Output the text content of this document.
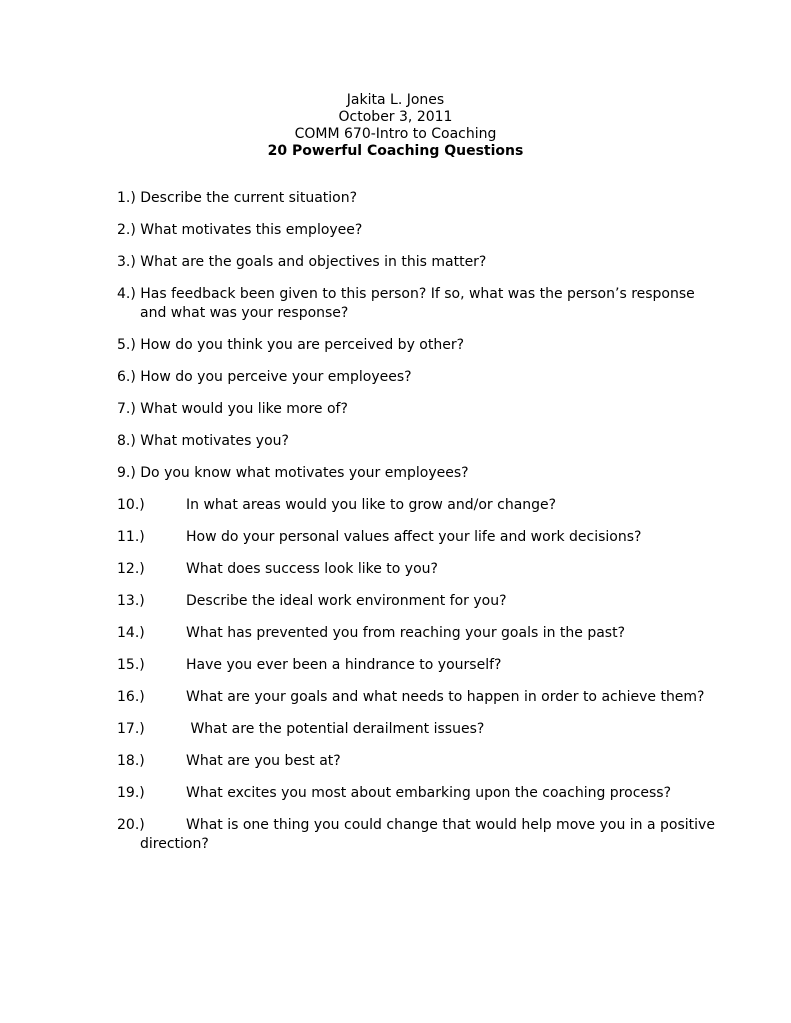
Jakita L. Jones
October 3, 2011
COMM 670-Intro to Coaching
20 Powerful Coaching Questions
1.) Describe the current situation?
2.) What motivates this employee?
3.) What are the goals and objectives in this matter?
4.) Has feedback been given to this person? If so, what was the person’s response and what was your response?
5.) How do you think you are perceived by other?
6.) How do you perceive your employees?
7.) What would you like more of?
8.) What motivates you?
9.) Do you know what motivates your employees?
10.)	In what areas would you like to grow and/or change?
11.)	How do your personal values affect your life and work decisions?
12.)	What does success look like to you?
13.)	Describe the ideal work environment for you?
14.)	What has prevented you from reaching your goals in the past?
15.)	Have you ever been a hindrance to yourself?
16.)	What are your goals and what needs to happen in order to achieve them?
17.)	What are the potential derailment issues?
18.)	What are you best at?
19.)	What excites you most about embarking upon the coaching process?
20.)	What is one thing you could change that would help move you in a positive direction?
